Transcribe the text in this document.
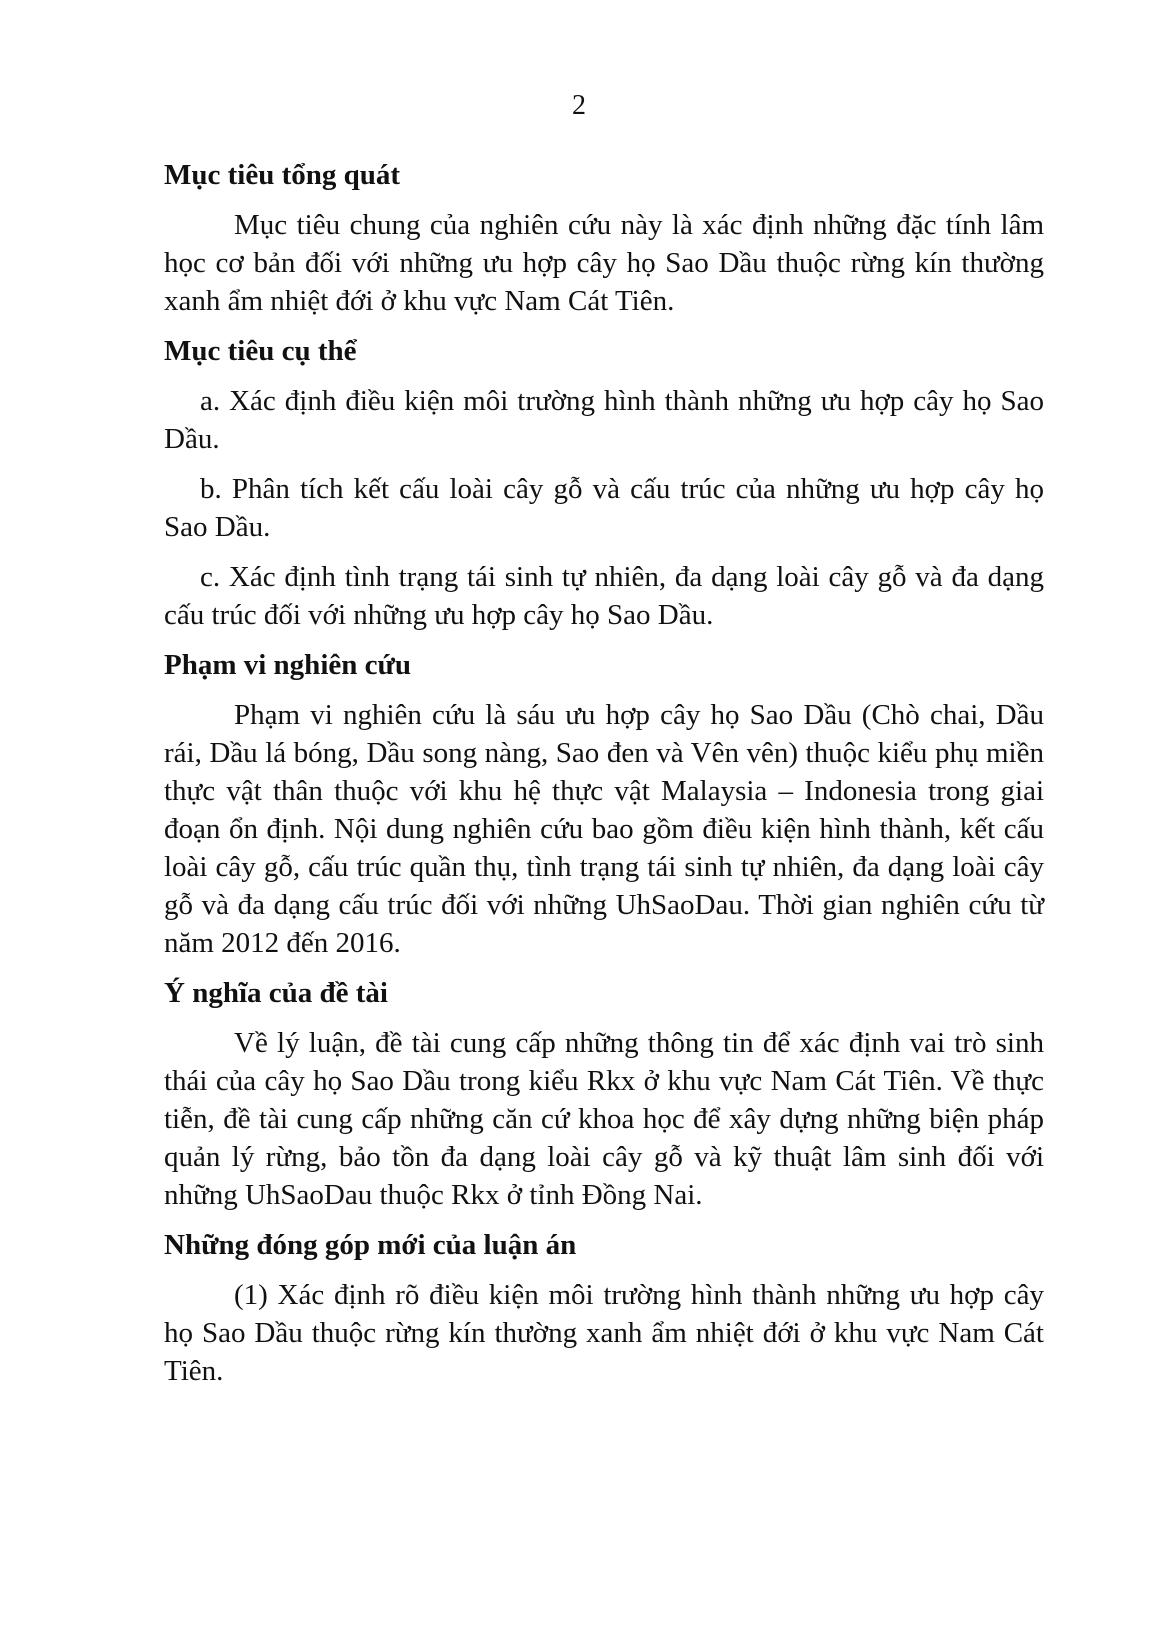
2
Mục tiêu tổng quát

Mục tiêu chung của nghiên cứu này là xác định những đặc tính lâm học cơ bản đối với những ưu hợp cây họ Sao Dầu thuộc rừng kín thường xanh ẩm nhiệt đới ở khu vực Nam Cát Tiên.

Mục tiêu cụ thể

a. Xác định điều kiện môi trường hình thành những ưu hợp cây họ Sao Dầu.

b. Phân tích kết cấu loài cây gỗ và cấu trúc của những ưu hợp cây họ Sao Dầu.

c. Xác định tình trạng tái sinh tự nhiên, đa dạng loài cây gỗ và đa dạng cấu trúc đối với những ưu hợp cây họ Sao Dầu.

Phạm vi nghiên cứu

Phạm vi nghiên cứu là sáu ưu hợp cây họ Sao Dầu (Chò chai, Dầu rái, Dầu lá bóng, Dầu song nàng, Sao đen và Vên vên) thuộc kiểu phụ miền thực vật thân thuộc với khu hệ thực vật Malaysia – Indonesia trong giai đoạn ổn định. Nội dung nghiên cứu bao gồm điều kiện hình thành, kết cấu loài cây gỗ, cấu trúc quần thụ, tình trạng tái sinh tự nhiên, đa dạng loài cây gỗ và đa dạng cấu trúc đối với những UhSaoDau. Thời gian nghiên cứu từ năm 2012 đến 2016.

Ý nghĩa của đề tài

Về lý luận, đề tài cung cấp những thông tin để xác định vai trò sinh thái của cây họ Sao Dầu trong kiểu Rkx ở khu vực Nam Cát Tiên. Về thực tiễn, đề tài cung cấp những căn cứ khoa học để xây dựng những biện pháp quản lý rừng, bảo tồn đa dạng loài cây gỗ và kỹ thuật lâm sinh đối với những UhSaoDau thuộc Rkx ở tỉnh Đồng Nai.

Những đóng góp mới của luận án

(1) Xác định rõ điều kiện môi trường hình thành những ưu hợp cây họ Sao Dầu thuộc rừng kín thường xanh ẩm nhiệt đới ở khu vực Nam Cát Tiên.
